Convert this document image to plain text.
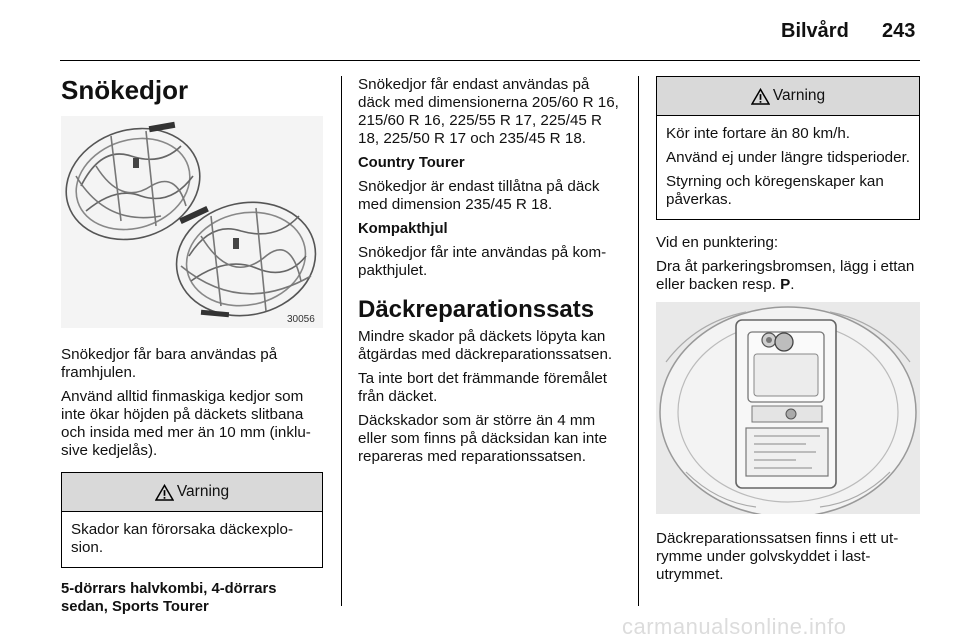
Bilvård 243
Snökedjor
30056

Snökedjor får bara användas på framhjulen.

Använd alltid finmaskiga kedjor som inte ökar höjden på däckets slitbana och insida med mer än 10 mm (inklusive kedjelås).

Varning

Skador kan förorsaka däckexplosion.

5-dörrars halvkombi, 4-dörrars sedan, Sports Tourer

Snökedjor får endast användas på däck med dimensionerna 205/60 R 16, 215/60 R 16, 225/55 R 17, 225/45 R 18, 225/50 R 17 och 235/45 R 18.

Country Tourer

Snökedjor är endast tillåtna på däck med dimension 235/45 R 18.

Kompakthjul

Snökedjor får inte användas på kompakthjulet.

Däckreparationssats

Mindre skador på däckets löpyta kan åtgärdas med däckreparationssatsen.

Ta inte bort det främmande föremålet från däcket.

Däckskador som är större än 4 mm eller som finns på däcksidan kan inte repareras med reparationssatsen.

Varning

Kör inte fortare än 80 km/h.

Använd ej under längre tidsperioder.

Styrning och köregenskaper kan påverkas.

Vid en punktering:

Dra åt parkeringsbromsen, lägg i ettan eller backen resp. P.

Däckreparationssatsen finns i ett utrymme under golvskyddet i lastutrymmet.

carmanualsonline.info
